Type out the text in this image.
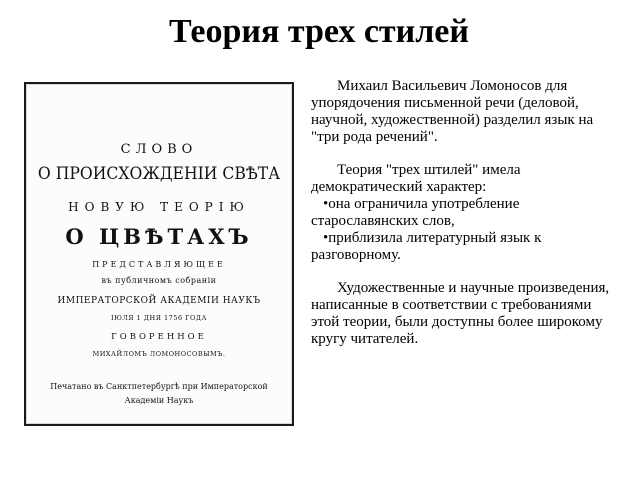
Теория трех стилей
СЛОВО
О ПРОИСХОЖДЕНІИ СВѢТА
НОВУЮ ТЕОРІЮ
О ЦВѢТАХЪ
ПРЕДСТАВЛЯЮЩЕЕ
въ публичномъ собраніи
ИМПЕРАТОРСКОЙ АКАДЕМІИ НАУКЪ
ІЮЛЯ 1 ДНЯ 1756 ГОДА
ГОВОРЕННОЕ
МИХАЙЛОМЪ ЛОМОНОСОВЫМЪ.
Печатано въ Санктпетербургѣ при Императорской
Академіи Наукъ

Михаил Васильевич Ломоносов для упорядочения письменной речи (деловой, научной, художественной) разделил язык на "три рода речений".

Теория "трех штилей" имела демократический характер:

•она ограничила употребление старославянских слов,

•приблизила литературный язык к разговорному.

Художественные и научные произведения, написанные в соответствии с требованиями этой теории, были доступны более широкому кругу читателей.
